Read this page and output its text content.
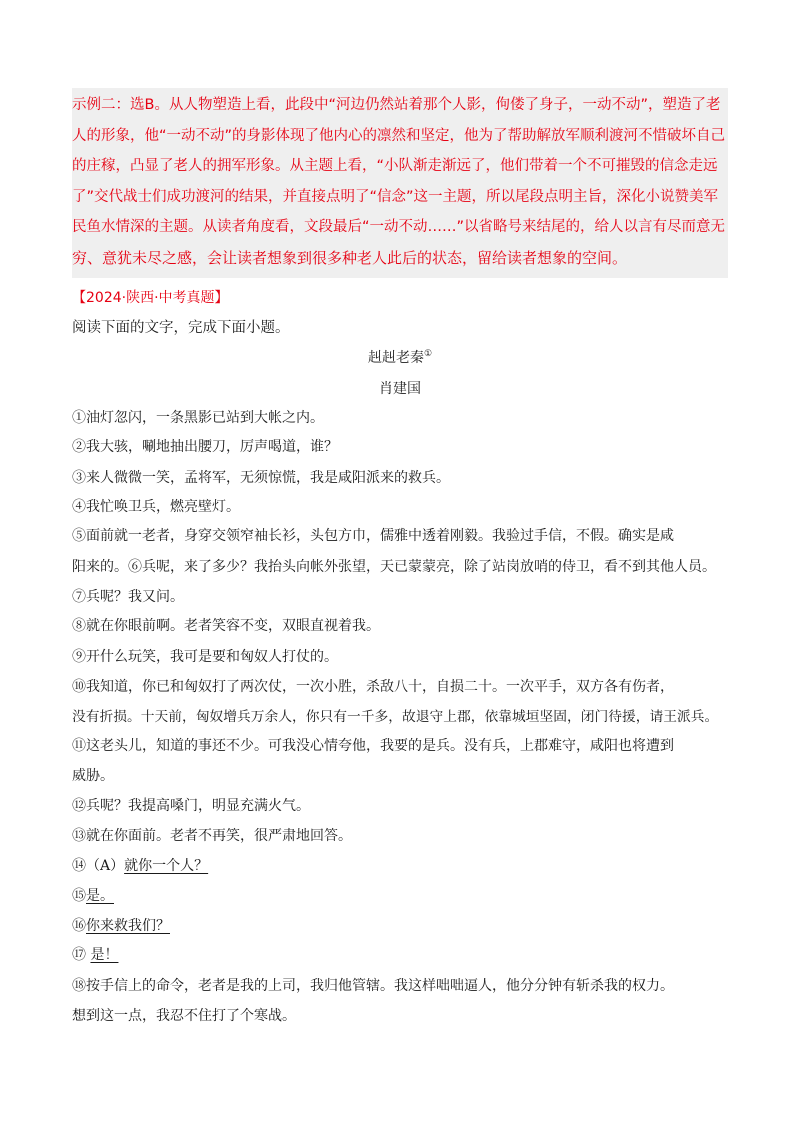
示例二：选B。从人物塑造上看，此段中“河边仍然站着那个人影，佝偻了身子，一动不动”，塑造了老
人的形象，他“一动不动”的身影体现了他内心的凛然和坚定，他为了帮助解放军顺利渡河不惜破坏自己
的庄稼，凸显了老人的拥军形象。从主题上看，“小队渐走渐远了，他们带着一个不可摧毁的信念走远
了”交代战士们成功渡河的结果，并直接点明了“信念”这一主题，所以尾段点明主旨，深化小说赞美军
民鱼水情深的主题。从读者角度看，文段最后“一动不动……”以省略号来结尾的，给人以言有尽而意无
穷、意犹未尽之感，会让读者想象到很多种老人此后的状态，留给读者想象的空间。
【2024·陕西·中考真题】
阅读下面的文字，完成下面小题。
赳赳老秦①
肖建国
①油灯忽闪，一条黑影已站到大帐之内。
②我大骇，唰地抽出腰刀，厉声喝道，谁？
③来人微微一笑，孟将军，无须惊慌，我是咸阳派来的救兵。
④我忙唤卫兵，燃亮壁灯。
⑤面前就一老者，身穿交领窄袖长衫，头包方巾，儒雅中透着刚毅。我验过手信，不假。确实是咸
阳来的。⑥兵呢，来了多少？我抬头向帐外张望，天已蒙蒙亮，除了站岗放哨的侍卫，看不到其他人员。
⑦兵呢？我又问。
⑧就在你眼前啊。老者笑容不变，双眼直视着我。
⑨开什么玩笑，我可是要和匈奴人打仗的。
⑩我知道，你已和匈奴打了两次仗，一次小胜，杀敌八十，自损二十。一次平手，双方各有伤者，
没有折损。十天前，匈奴增兵万余人，你只有一千多，故退守上郡，依靠城垣坚固，闭门待援，请王派兵。
⑪这老头儿，知道的事还不少。可我没心情夸他，我要的是兵。没有兵，上郡难守，咸阳也将遭到
威胁。
⑫兵呢？我提高嗓门，明显充满火气。
⑬就在你面前。老者不再笑，很严肃地回答。
⑭（A）就你一个人？
⑮是。
⑯你来救我们？
⑰ 是！
⑱按手信上的命令，老者是我的上司，我归他管辖。我这样咄咄逼人，他分分钟有斩杀我的权力。
想到这一点，我忍不住打了个寒战。
